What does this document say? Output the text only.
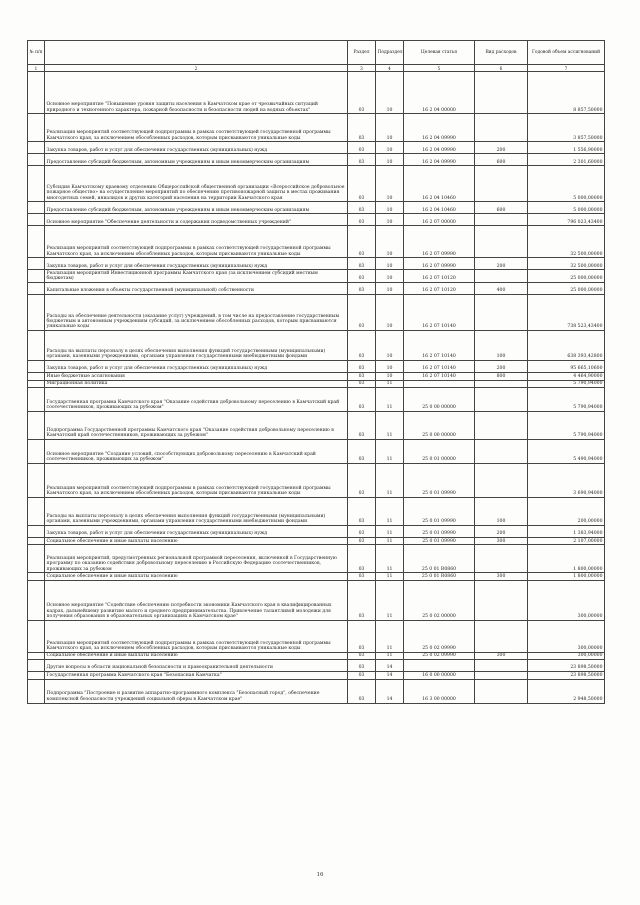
№ п/п		Раздел	Подраздел	Целевая статья	Вид расходов	Годовой объем ассигнований
1	2	3	4	5	6	7
	Основное мероприятие "Повышение уровня защиты населения в Камчатском крае от чрезвычайных ситуаций природного и техногенного характера, пожарной безопасности и безопасности людей на водных объектах"	03	10	16 2 04 00000		8 857,50000
	Реализация мероприятий соответствующей подпрограммы в рамках соответствующей государственной программы Камчатского края, за исключением обособленных расходов, которым присваиваются уникальные коды	03	10	16 2 04 09990		3 857,50000
	Закупка товаров, работ и услуг для обеспечения государственных (муниципальных) нужд	03	10	16 2 04 09990	200	1 556,90000
	Предоставление субсидий бюджетным, автономным учреждениям и иным некоммерческим организациям	03	10	16 2 04 09990	600	2 301,60000
	Субсидия Камчатскому краевому отделению Общероссийской общественной организации «Всероссийское добровольное пожарное общество» на осуществление мероприятий по обеспечению противопожарной защиты в местах проживания многодетных семей, инвалидов и других категорий населения на территории Камчатского края	03	10	16 2 04 10460		5 000,00000
	Предоставление субсидий бюджетным, автономным учреждениям и иным некоммерческим организациям	03	10	16 2 04 10460	600	5 000,00000
	Основное мероприятие "Обеспечение деятельности и содержания подведомственных учреждений"	03	10	16 2 07 00000		796 023,43400
	Реализация мероприятий соответствующей подпрограммы в рамках соответствующей государственной программы Камчатского края, за исключением обособленных расходов, которым присваиваются уникальные коды	03	10	16 2 07 09990		32 500,00000
	Закупка товаров, работ и услуг для обеспечения государственных (муниципальных) нужд	03	10	16 2 07 09990	200	32 500,00000
	Реализация мероприятий Инвестиционной программы Камчатского края (за исключением субсидий местным бюджетам)	03	10	16 2 07 10120		25 000,00000
	Капитальные вложения в объекты государственной (муниципальной) собственности	03	10	16 2 07 10120	400	25 000,00000
	Расходы на обеспечение деятельности (оказание услуг) учреждений, в том числе на предоставление государственным бюджетным и автономным учреждениям субсидий, за исключением обособленных расходов, которым присваиваются уникальные коды	03	10	16 2 07 10140		738 523,43400
	Расходы на выплаты персоналу в целях обеспечения выполнения функций государственными (муниципальными) органами, казенными учреждениями, органами управления государственными внебюджетными фондами	03	10	16 2 07 10140	100	638 393,42800
	Закупка товаров, работ и услуг для обеспечения государственных (муниципальных) нужд	03	10	16 2 07 10140	200	95 665,10600
	Иные бюджетные ассигнования	03	10	16 2 07 10140	800	4 464,90000
	Миграционная политика	03	11			5 790,94000
	Государственная программа Камчатского края "Оказание содействия добровольному переселению в Камчатский край соотечественников, проживающих за рубежом"	03	11	25 0 00 00000		5 790,94000
	Подпрограмма Государственной программы Камчатского края "Оказание содействия добровольному переселению в Камчатский край соотечественников, проживающих за рубежом"	03	11	25 0 00 00000		5 790,94000
	Основное мероприятие "Создание условий, способствующих добровольному переселению в Камчатский край соотечественников, проживающих за рубежом"	03	11	25 0 01 00000		5 490,94000
	Реализация мероприятий соответствующей подпрограммы в рамках соответствующей государственной программы Камчатского края, за исключением обособленных расходов, которым присваиваются уникальные коды	03	11	25 0 01 09990		3 690,94000
	Расходы на выплаты персоналу в целях обеспечения выполнения функций государственными (муниципальными) органами, казенными учреждениями, органами управления государственными внебюджетными фондами	03	11	25 0 01 09990	100	200,00000
	Закупка товаров, работ и услуг для обеспечения государственных (муниципальных) нужд	03	11	25 0 01 09990	200	1 383,94000
	Социальное обеспечение и иные выплаты населению	03	11	25 0 01 09990	300	2 107,00000
	Реализация мероприятий, предусмотренных региональной программой переселения, включенной в Государственную программу по оказанию содействия добровольному переселению в Российскую Федерацию соотечественников, проживающих за рубежом	03	11	25 0 01 R0860		1 800,00000
	Социальное обеспечение и иные выплаты населению	03	11	25 0 01 R0860	300	1 800,00000
	Основное мероприятие "Содействие обеспечению потребности экономики Камчатского края в квалифицированных кадрах, дальнейшему развитию малого и среднего предпринимательства. Привлечение талантливой молодежи для получения образования в образовательных организациях в Камчатском крае"	03	11	25 0 02 00000		300,00000
	Реализация мероприятий соответствующей подпрограммы в рамках соответствующей государственной программы Камчатского края, за исключением обособленных расходов, которым присваиваются уникальные коды	03	11	25 0 02 09990		300,00000
	Социальное обеспечение и иные выплаты населению	03	11	25 0 02 09990	300	300,00000
	Другие вопросы в области национальной безопасности и правоохранительной деятельности	03	14			23 898,50000
	Государственная программа Камчатского края "Безопасная Камчатка"	03	14	16 0 00 00000		23 898,50000
	Подпрограмма "Построение и развитие аппаратно-программного комплекса "Безопасный город", обеспечение комплексной безопасности учреждений социальной сферы в Камчатском крае"	03	14	16 3 00 00000		2 948,50000
16
